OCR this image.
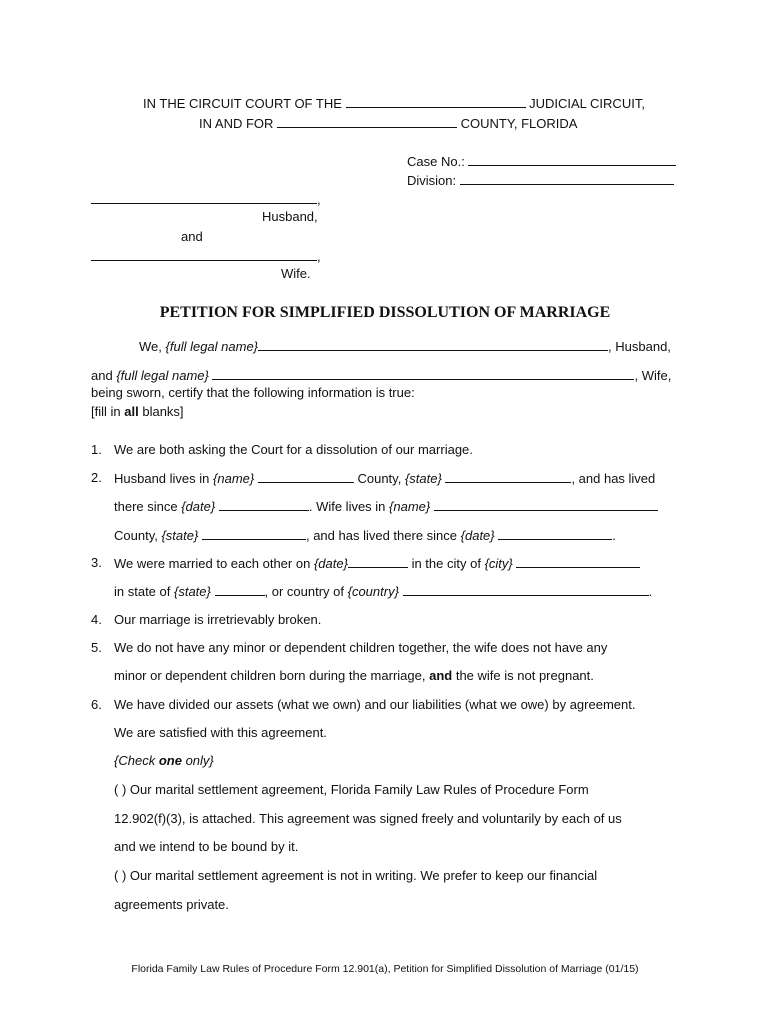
IN THE CIRCUIT COURT OF THE	JUDICIAL CIRCUIT,
IN AND FOR	COUNTY, FLORIDA
Case No.:
Division:
,
Husband,
and
,
Wife.
PETITION FOR SIMPLIFIED DISSOLUTION OF MARRIAGE
We, {full legal name}	, Husband,
and {full legal name}	, Wife,
being sworn, certify that the following information is true:
[fill in all blanks]
1. We are both asking the Court for a dissolution of our marriage.
2. Husband lives in {name}	County, {state}	, and has lived
there since {date}	. Wife lives in {name}
County, {state}	, and has lived there since {date}	.
3. We were married to each other on {date}	in the city of {city}
in state of {state}	, or country of {country}	.
4. Our marriage is irretrievably broken.
5. We do not have any minor or dependent children together, the wife does not have any
minor or dependent children born during the marriage, and the wife is not pregnant.
6. We have divided our assets (what we own) and our liabilities (what we owe) by agreement.
We are satisfied with this agreement.
{Check one only}
( ) Our marital settlement agreement, Florida Family Law Rules of Procedure Form
12.902(f)(3), is attached. This agreement was signed freely and voluntarily by each of us
and we intend to be bound by it.
( ) Our marital settlement agreement is not in writing. We prefer to keep our financial
agreements private.
Florida Family Law Rules of Procedure Form 12.901(a), Petition for Simplified Dissolution of Marriage (01/15)
